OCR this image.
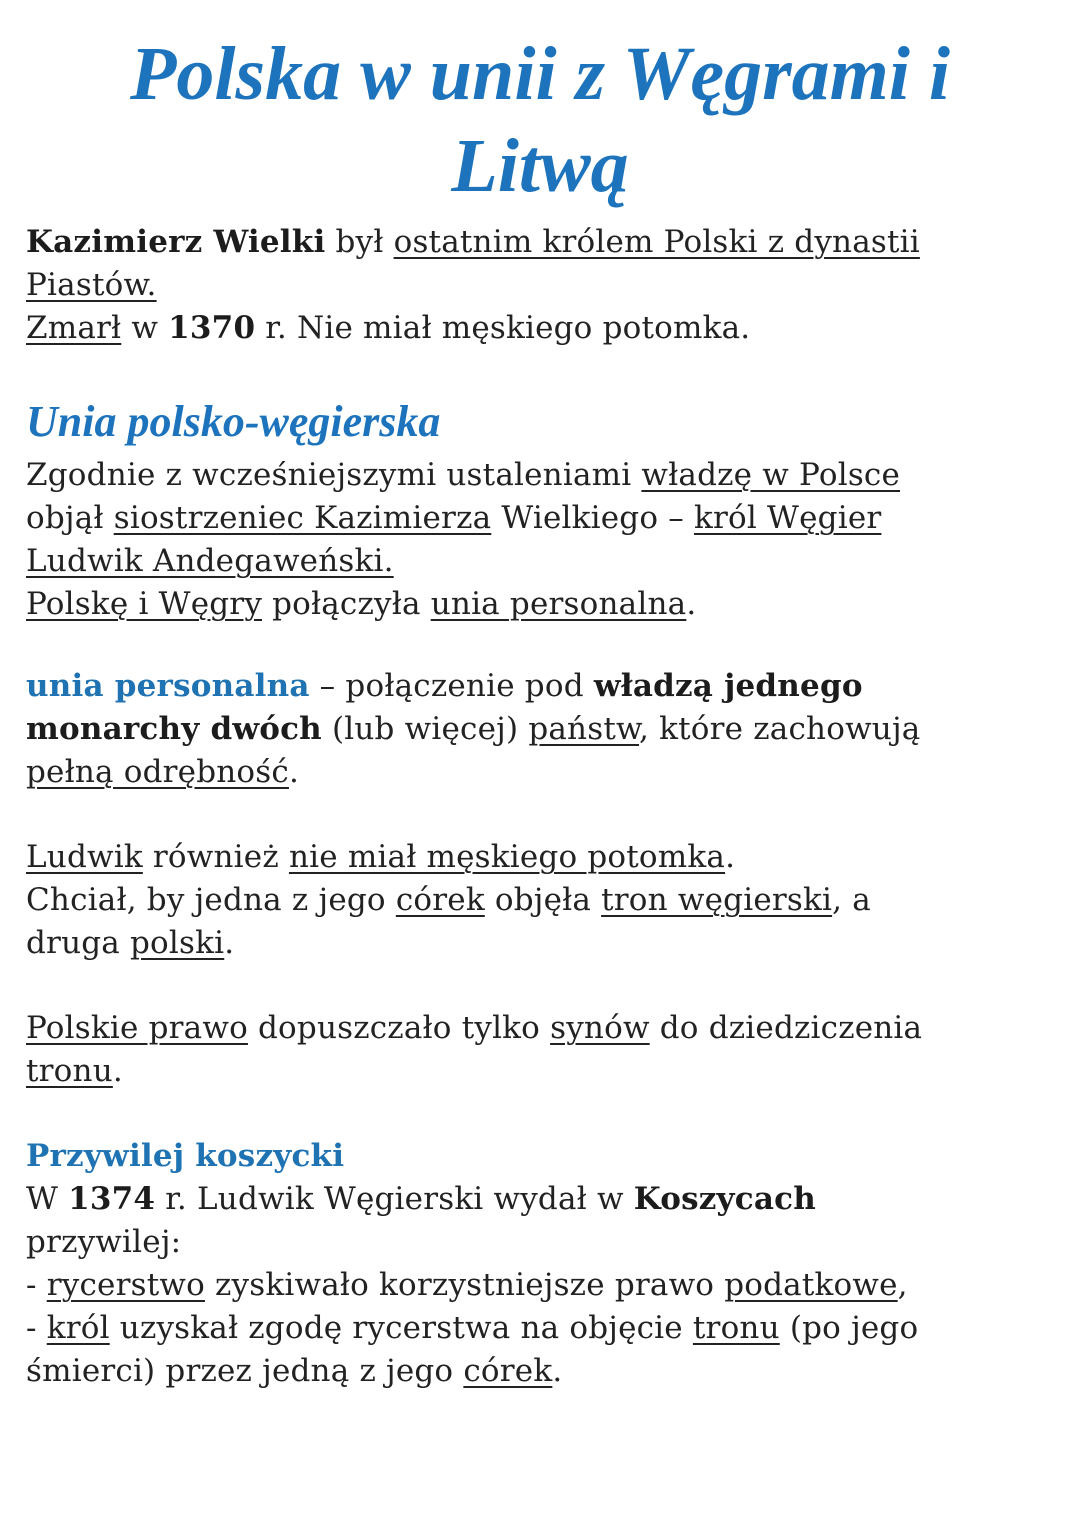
Polska w unii z Węgrami i
Litwą
Kazimierz Wielki był ostatnim królem Polski z dynastii
Piastów.
Zmarł w 1370 r. Nie miał męskiego potomka.
Unia polsko-węgierska
Zgodnie z wcześniejszymi ustaleniami władzę w Polsce
objął siostrzeniec Kazimierza Wielkiego – król Węgier
Ludwik Andegaweński.
Polskę i Węgry połączyła unia personalna.
unia personalna – połączenie pod władzą jednego
monarchy dwóch (lub więcej) państw, które zachowują
pełną odrębność.
Ludwik również nie miał męskiego potomka.
Chciał, by jedna z jego córek objęła tron węgierski, a
druga polski.
Polskie prawo dopuszczało tylko synów do dziedziczenia
tronu.
Przywilej koszycki
W 1374 r. Ludwik Węgierski wydał w Koszycach
przywilej:
- rycerstwo zyskiwało korzystniejsze prawo podatkowe,
- król uzyskał zgodę rycerstwa na objęcie tronu (po jego
śmierci) przez jedną z jego córek.
